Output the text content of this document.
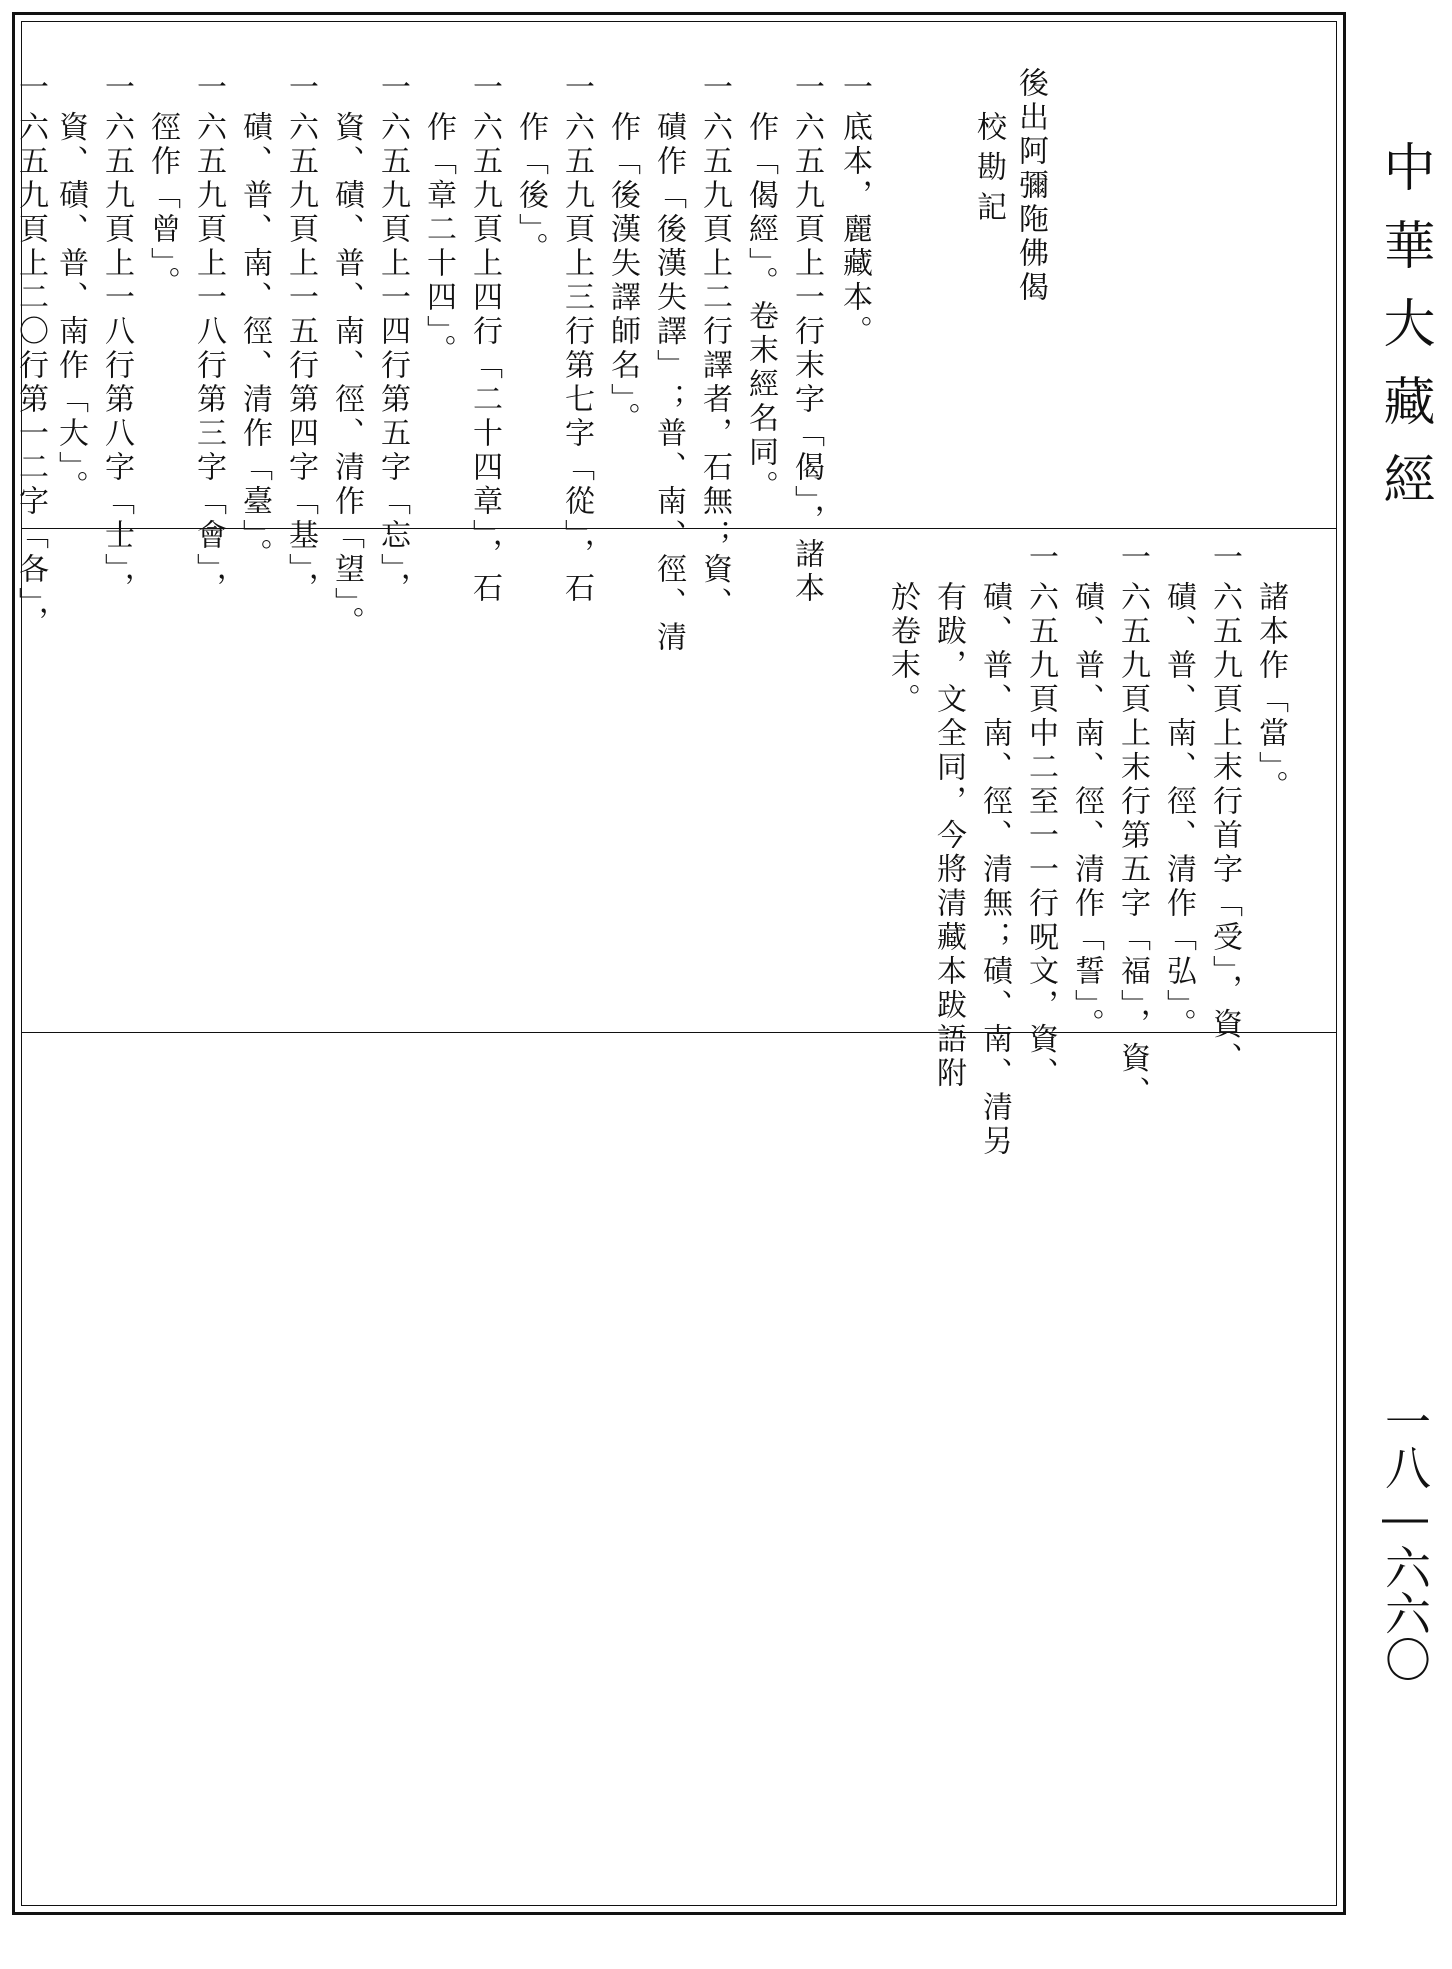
後出阿彌陁佛偈
校勘記
一
底本，麗藏本。
一
六五九頁上一行末字「偈」，諸本
作「偈經」。卷末經名同。
一
六五九頁上二行譯者，石無；資、
磧作「後漢失譯」；普、南、徑、清
作「後漢失譯師名」。
一
六五九頁上三行第七字「從」，石
作「後」。
一
六五九頁上四行「二十四章」，石
作「章二十四」。
一
六五九頁上一四行第五字「忘」，
資、磧、普、南、徑、清作「望」。
一
六五九頁上一五行第四字「基」，
磧、普、南、徑、清作「臺」。
一
六五九頁上一八行第三字「會」，
徑作「曾」。
一
六五九頁上一八行第八字「士」，
資、磧、普、南作「大」。
一
六五九頁上二〇行第一二字「各」，
諸本作「當」。
一
六五九頁上末行首字「受」，資、
磧、普、南、徑、清作「弘」。
一
六五九頁上末行第五字「福」，資、
磧、普、南、徑、清作「誓」。
一
六五九頁中二至一一行呪文，資、
磧、普、南、徑、清無；磧、南、清另
有跋，文全同，今將清藏本跋語附
於卷末。
中華大藏經
一八―六六〇
